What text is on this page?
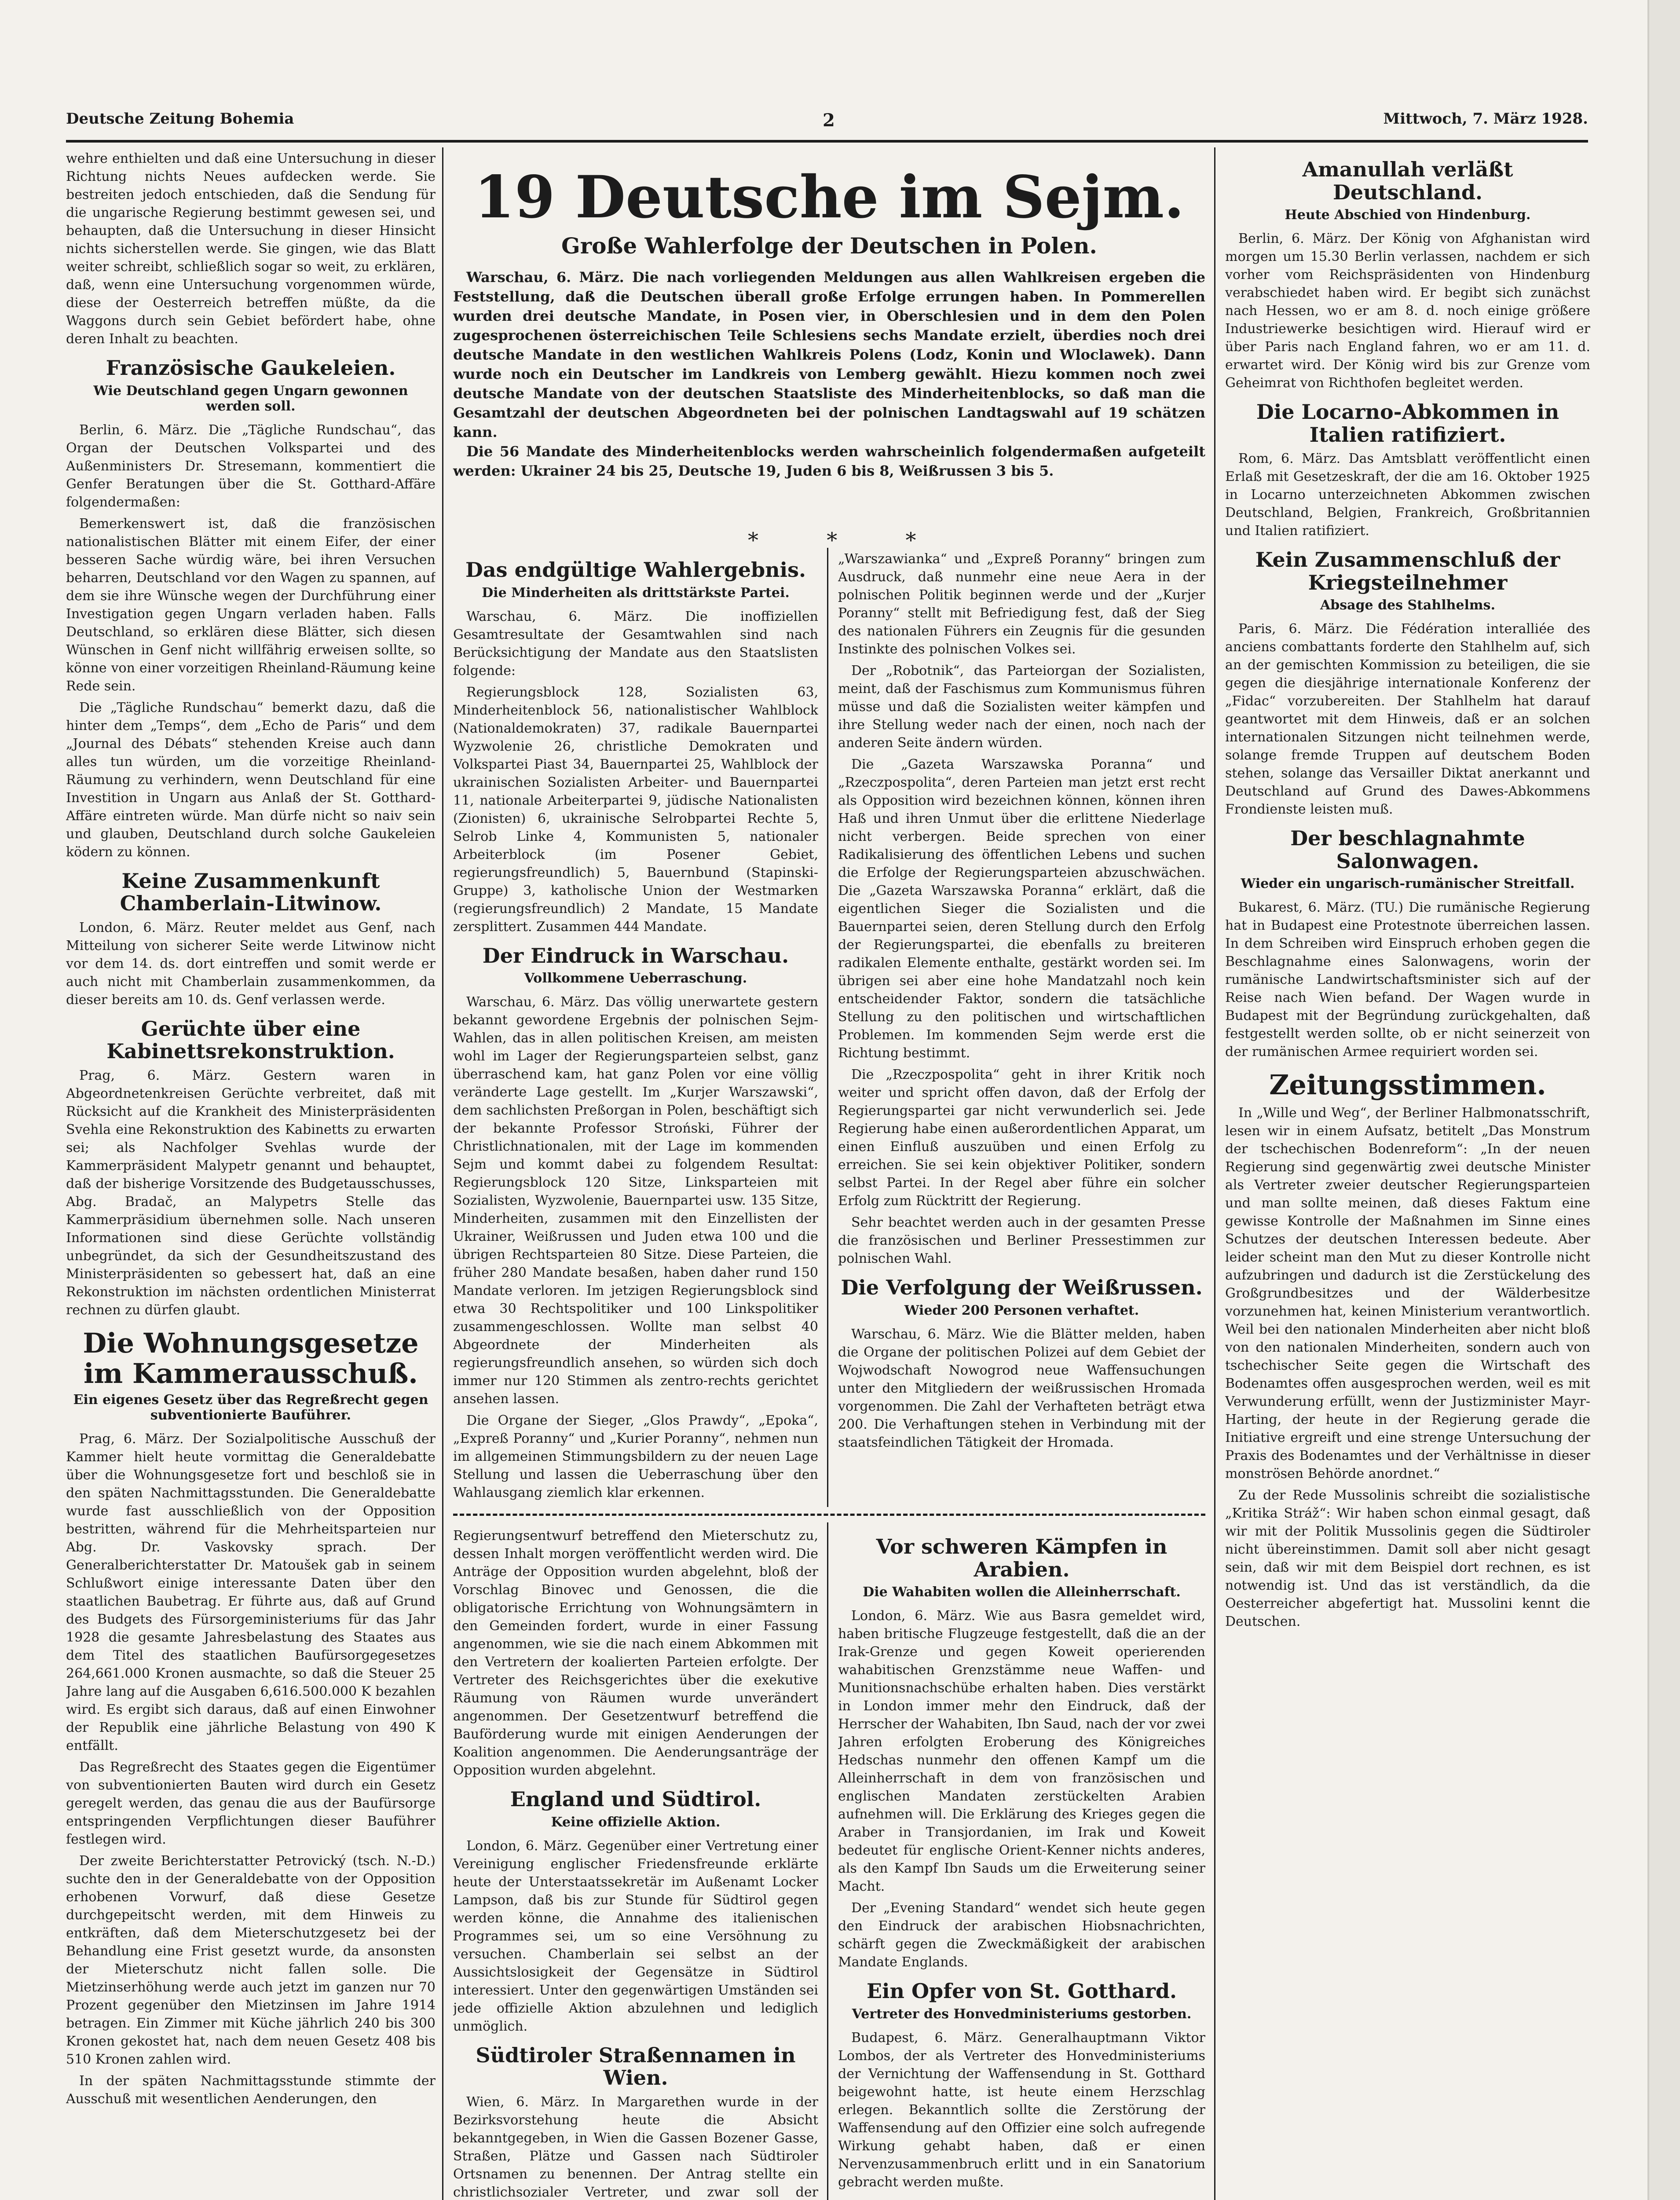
Deutsche Zeitung Bohemia	2	Mittwoch, 7. März 1928.

wehre enthielten und daß eine Untersuchung in dieser Richtung nichts Neues aufdecken werde. Sie bestreiten jedoch entschieden, daß die Sendung für die ungarische Regierung bestimmt gewesen sei, und behaupten, daß die Untersuchung in dieser Hinsicht nichts sicherstellen werde. Sie gingen, wie das Blatt weiter schreibt, schließlich sogar so weit, zu erklären, daß, wenn eine Untersuchung vorgenommen würde, diese der Oesterreich betreffen müßte, da die Waggons durch sein Gebiet befördert habe, ohne deren Inhalt zu beachten.

Französische Gaukeleien.
Wie Deutschland gegen Ungarn gewonnen werden soll.

Berlin, 6. März. Die „Tägliche Rundschau“, das Organ der Deutschen Volkspartei und des Außenministers Dr. Stresemann, kommentiert die Genfer Beratungen über die St. Gotthard-Affäre folgendermaßen:

Bemerkenswert ist, daß die französischen nationalistischen Blätter mit einem Eifer, der einer besseren Sache würdig wäre, bei ihren Versuchen beharren, Deutschland vor den Wagen zu spannen, auf dem sie ihre Wünsche wegen der Durchführung einer Investigation gegen Ungarn verladen haben. Falls Deutschland, so erklären diese Blätter, sich diesen Wünschen in Genf nicht willfährig erweisen sollte, so könne von einer vorzeitigen Rheinland-Räumung keine Rede sein.

Die „Tägliche Rundschau“ bemerkt dazu, daß die hinter dem „Temps“, dem „Echo de Paris“ und dem „Journal des Débats“ stehenden Kreise auch dann alles tun würden, um die vorzeitige Rheinland-Räumung zu verhindern, wenn Deutschland für eine Investition in Ungarn aus Anlaß der St. Gotthard-Affäre eintreten würde. Man dürfe nicht so naiv sein und glauben, Deutschland durch solche Gaukeleien ködern zu können.

Keine Zusammenkunft Chamberlain-Litwinow.

London, 6. März. Reuter meldet aus Genf, nach Mitteilung von sicherer Seite werde Litwinow nicht vor dem 14. ds. dort eintreffen und somit werde er auch nicht mit Chamberlain zusammenkommen, da dieser bereits am 10. ds. Genf verlassen werde.

Gerüchte über eine Kabinettsrekonstruktion.

Prag, 6. März. Gestern waren in Abgeordnetenkreisen Gerüchte verbreitet, daß mit Rücksicht auf die Krankheit des Ministerpräsidenten Svehla eine Rekonstruktion des Kabinetts zu erwarten sei; als Nachfolger Svehlas wurde der Kammerpräsident Malypetr genannt und behauptet, daß der bisherige Vorsitzende des Budgetausschusses, Abg. Bradač, an Malypetrs Stelle das Kammerpräsidium übernehmen solle. Nach unseren Informationen sind diese Gerüchte vollständig unbegründet, da sich der Gesundheitszustand des Ministerpräsidenten so gebessert hat, daß an eine Rekonstruktion im nächsten ordentlichen Ministerrat rechnen zu dürfen glaubt.

Die Wohnungsgesetze im Kammerausschuß.
Ein eigenes Gesetz über das Regreßrecht gegen subventionierte Bauführer.

Prag, 6. März. Der Sozialpolitische Ausschuß der Kammer hielt heute vormittag die Generaldebatte über die Wohnungsgesetze fort und beschloß sie in den späten Nachmittagsstunden. Die Generaldebatte wurde fast ausschließlich von der Opposition bestritten, während für die Mehrheitsparteien nur Abg. Dr. Vaskovsky sprach. Der Generalberichterstatter Dr. Matoušek gab in seinem Schlußwort einige interessante Daten über den staatlichen Baubetrag. Er führte aus, daß auf Grund des Budgets des Fürsorgeministeriums für das Jahr 1928 die gesamte Jahresbelastung des Staates aus dem Titel des staatlichen Baufürsorgegesetzes 264,661.000 Kronen ausmachte, so daß die Steuer 25 Jahre lang auf die Ausgaben 6,616.500.000 K bezahlen wird. Es ergibt sich daraus, daß auf einen Einwohner der Republik eine jährliche Belastung von 490 K entfällt.

Das Regreßrecht des Staates gegen die Eigentümer von subventionierten Bauten wird durch ein Gesetz geregelt werden, das genau die aus der Baufürsorge entspringenden Verpflichtungen dieser Bauführer festlegen wird.

Der zweite Berichterstatter Petrovický (tsch. N.-D.) suchte den in der Generaldebatte von der Opposition erhobenen Vorwurf, daß diese Gesetze durchgepeitscht werden, mit dem Hinweis zu entkräften, daß dem Mieterschutzgesetz bei der Behandlung eine Frist gesetzt wurde, da ansonsten der Mieterschutz nicht fallen solle. Die Mietzinserhöhung werde auch jetzt im ganzen nur 70 Prozent gegenüber den Mietzinsen im Jahre 1914 betragen. Ein Zimmer mit Küche jährlich 240 bis 300 Kronen gekostet hat, nach dem neuen Gesetz 408 bis 510 Kronen zahlen wird.

In der späten Nachmittagsstunde stimmte der Ausschuß mit wesentlichen Aenderungen, den

19 Deutsche im Sejm.
Große Wahlerfolge der Deutschen in Polen.

Warschau, 6. März. Die nach vorliegenden Meldungen aus allen Wahlkreisen ergeben die Feststellung, daß die Deutschen überall große Erfolge errungen haben. In Pommerellen wurden drei deutsche Mandate, in Posen vier, in Oberschlesien und in dem den Polen zugesprochenen österreichischen Teile Schlesiens sechs Mandate erzielt, überdies noch drei deutsche Mandate in den westlichen Wahlkreis Polens (Lodz, Konin und Wloclawek). Dann wurde noch ein Deutscher im Landkreis von Lemberg gewählt. Hiezu kommen noch zwei deutsche Mandate von der deutschen Staatsliste des Minderheitenblocks, so daß man die Gesamtzahl der deutschen Abgeordneten bei der polnischen Landtagswahl auf 19 schätzen kann.

Die 56 Mandate des Minderheitenblocks werden wahrscheinlich folgendermaßen aufgeteilt werden: Ukrainer 24 bis 25, Deutsche 19, Juden 6 bis 8, Weißrussen 3 bis 5.

* * *
Das endgültige Wahlergebnis.
Die Minderheiten als drittstärkste Partei.

Warschau, 6. März. Die inoffiziellen Gesamtresultate der Gesamtwahlen sind nach Berücksichtigung der Mandate aus den Staatslisten folgende:

Regierungsblock 128, Sozialisten 63, Minderheitenblock 56, nationalistischer Wahlblock (Nationaldemokraten) 37, radikale Bauernpartei Wyzwolenie 26, christliche Demokraten und Volkspartei Piast 34, Bauernpartei 25, Wahlblock der ukrainischen Sozialisten Arbeiter- und Bauernpartei 11, nationale Arbeiterpartei 9, jüdische Nationalisten (Zionisten) 6, ukrainische Selrobpartei Rechte 5, Selrob Linke 4, Kommunisten 5, nationaler Arbeiterblock (im Posener Gebiet, regierungsfreundlich) 5, Bauernbund (Stapinski-Gruppe) 3, katholische Union der Westmarken (regierungsfreundlich) 2 Mandate, 15 Mandate zersplittert. Zusammen 444 Mandate.

Der Eindruck in Warschau.
Vollkommene Ueberraschung.

Warschau, 6. März. Das völlig unerwartete gestern bekannt gewordene Ergebnis der polnischen Sejm-Wahlen, das in allen politischen Kreisen, am meisten wohl im Lager der Regierungsparteien selbst, ganz überraschend kam, hat ganz Polen vor eine völlig veränderte Lage gestellt. Im „Kurjer Warszawski“, dem sachlichsten Preßorgan in Polen, beschäftigt sich der bekannte Professor Stroński, Führer der Christlichnationalen, mit der Lage im kommenden Sejm und kommt dabei zu folgendem Resultat: Regierungsblock 120 Sitze, Linksparteien mit Sozialisten, Wyzwolenie, Bauernpartei usw. 135 Sitze, Minderheiten, zusammen mit den Einzellisten der Ukrainer, Weißrussen und Juden etwa 100 und die übrigen Rechtsparteien 80 Sitze. Diese Parteien, die früher 280 Mandate besaßen, haben daher rund 150 Mandate verloren. Im jetzigen Regierungsblock sind etwa 30 Rechtspolitiker und 100 Linkspolitiker zusammengeschlossen. Wollte man selbst 40 Abgeordnete der Minderheiten als regierungsfreundlich ansehen, so würden sich doch immer nur 120 Stimmen als zentro-rechts gerichtet ansehen lassen.

Die Organe der Sieger, „Glos Prawdy“, „Epoka“, „Expreß Poranny“ und „Kurier Poranny“, nehmen nun im allgemeinen Stimmungsbildern zu der neuen Lage Stellung und lassen die Ueberraschung über den Wahlausgang ziemlich klar erkennen.

„Warszawianka“ und „Expreß Poranny“ bringen zum Ausdruck, daß nunmehr eine neue Aera in der polnischen Politik beginnen werde und der „Kurjer Poranny“ stellt mit Befriedigung fest, daß der Sieg des nationalen Führers ein Zeugnis für die gesunden Instinkte des polnischen Volkes sei.

Der „Robotnik“, das Parteiorgan der Sozialisten, meint, daß der Faschismus zum Kommunismus führen müsse und daß die Sozialisten weiter kämpfen und ihre Stellung weder nach der einen, noch nach der anderen Seite ändern würden.

Die „Gazeta Warszawska Poranna“ und „Rzeczpospolita“, deren Parteien man jetzt erst recht als Opposition wird bezeichnen können, können ihren Haß und ihren Unmut über die erlittene Niederlage nicht verbergen. Beide sprechen von einer Radikalisierung des öffentlichen Lebens und suchen die Erfolge der Regierungsparteien abzuschwächen. Die „Gazeta Warszawska Poranna“ erklärt, daß die eigentlichen Sieger die Sozialisten und die Bauernpartei seien, deren Stellung durch den Erfolg der Regierungspartei, die ebenfalls zu breiteren radikalen Elemente enthalte, gestärkt worden sei. Im übrigen sei aber eine hohe Mandatzahl noch kein entscheidender Faktor, sondern die tatsächliche Stellung zu den politischen und wirtschaftlichen Problemen. Im kommenden Sejm werde erst die Richtung bestimmt.

Die „Rzeczpospolita“ geht in ihrer Kritik noch weiter und spricht offen davon, daß der Erfolg der Regierungspartei gar nicht verwunderlich sei. Jede Regierung habe einen außerordentlichen Apparat, um einen Einfluß auszuüben und einen Erfolg zu erreichen. Sie sei kein objektiver Politiker, sondern selbst Partei. In der Regel aber führe ein solcher Erfolg zum Rücktritt der Regierung.

Sehr beachtet werden auch in der gesamten Presse die französischen und Berliner Pressestimmen zur polnischen Wahl.

Die Verfolgung der Weißrussen.
Wieder 200 Personen verhaftet.

Warschau, 6. März. Wie die Blätter melden, haben die Organe der politischen Polizei auf dem Gebiet der Wojwodschaft Nowogrod neue Waffensuchungen unter den Mitgliedern der weißrussischen Hromada vorgenommen. Die Zahl der Verhafteten beträgt etwa 200. Die Verhaftungen stehen in Verbindung mit der staatsfeindlichen Tätigkeit der Hromada.

Regierungsentwurf betreffend den Mieterschutz zu, dessen Inhalt morgen veröffentlicht werden wird. Die Anträge der Opposition wurden abgelehnt, bloß der Vorschlag Binovec und Genossen, die die obligatorische Errichtung von Wohnungsämtern in den Gemeinden fordert, wurde in einer Fassung angenommen, wie sie die nach einem Abkommen mit den Vertretern der koalierten Parteien erfolgte. Der Vertreter des Reichsgerichtes über die exekutive Räumung von Räumen wurde unverändert angenommen. Der Gesetzentwurf betreffend die Bauförderung wurde mit einigen Aenderungen der Koalition angenommen. Die Aenderungsanträge der Opposition wurden abgelehnt.

England und Südtirol.
Keine offizielle Aktion.

London, 6. März. Gegenüber einer Vertretung einer Vereinigung englischer Friedensfreunde erklärte heute der Unterstaatssekretär im Außenamt Locker Lampson, daß bis zur Stunde für Südtirol gegen werden könne, die Annahme des italienischen Programmes sei, um so eine Versöhnung zu versuchen. Chamberlain sei selbst an der Aussichtslosigkeit der Gegensätze in Südtirol interessiert. Unter den gegenwärtigen Umständen sei jede offizielle Aktion abzulehnen und lediglich unmöglich.

Südtiroler Straßennamen in Wien.

Wien, 6. März. In Margarethen wurde in der Bezirksvorstehung heute die Absicht bekanntgegeben, in Wien die Gassen Bozener Gasse, Straßen, Plätze und Gassen nach Südtiroler Ortsnamen zu benennen. Der Antrag stellte ein christlichsozialer Vertreter, und zwar soll der

Vor schweren Kämpfen in Arabien.
Die Wahabiten wollen die Alleinherrschaft.

London, 6. März. Wie aus Basra gemeldet wird, haben britische Flugzeuge festgestellt, daß die an der Irak-Grenze und gegen Koweit operierenden wahabitischen Grenzstämme neue Waffen- und Munitionsnachschübe erhalten haben. Dies verstärkt in London immer mehr den Eindruck, daß der Herrscher der Wahabiten, Ibn Saud, nach der vor zwei Jahren erfolgten Eroberung des Königreiches Hedschas nunmehr den offenen Kampf um die Alleinherrschaft in dem von französischen und englischen Mandaten zerstückelten Arabien aufnehmen will. Die Erklärung des Krieges gegen die Araber in Transjordanien, im Irak und Koweit bedeutet für englische Orient-Kenner nichts anderes, als den Kampf Ibn Sauds um die Erweiterung seiner Macht.

Der „Evening Standard“ wendet sich heute gegen den Eindruck der arabischen Hiobsnachrichten, schärft gegen die Zweckmäßigkeit der arabischen Mandate Englands.

Ein Opfer von St. Gotthard.
Vertreter des Honvedministeriums gestorben.

Budapest, 6. März. Generalhauptmann Viktor Lombos, der als Vertreter des Honvedministeriums der Vernichtung der Waffensendung in St. Gotthard beigewohnt hatte, ist heute einem Herzschlag erlegen. Bekanntlich sollte die Zerstörung der Waffensendung auf den Offizier eine solch aufregende Wirkung gehabt haben, daß er einen Nervenzusammenbruch erlitt und in ein Sanatorium gebracht werden mußte.

Amanullah verläßt Deutschland.
Heute Abschied von Hindenburg.

Berlin, 6. März. Der König von Afghanistan wird morgen um 15.30 Berlin verlassen, nachdem er sich vorher vom Reichspräsidenten von Hindenburg verabschiedet haben wird. Er begibt sich zunächst nach Hessen, wo er am 8. d. noch einige größere Industriewerke besichtigen wird. Hierauf wird er über Paris nach England fahren, wo er am 11. d. erwartet wird. Der König wird bis zur Grenze vom Geheimrat von Richthofen begleitet werden.

Die Locarno-Abkommen in Italien ratifiziert.

Rom, 6. März. Das Amtsblatt veröffentlicht einen Erlaß mit Gesetzeskraft, der die am 16. Oktober 1925 in Locarno unterzeichneten Abkommen zwischen Deutschland, Belgien, Frankreich, Großbritannien und Italien ratifiziert.

Kein Zusammenschluß der Kriegsteilnehmer
Absage des Stahlhelms.

Paris, 6. März. Die Fédération interalliée des anciens combattants forderte den Stahlhelm auf, sich an der gemischten Kommission zu beteiligen, die sie gegen die diesjährige internationale Konferenz der „Fidac“ vorzubereiten. Der Stahlhelm hat darauf geantwortet mit dem Hinweis, daß er an solchen internationalen Sitzungen nicht teilnehmen werde, solange fremde Truppen auf deutschem Boden stehen, solange das Versailler Diktat anerkannt und Deutschland auf Grund des Dawes-Abkommens Frondienste leisten muß.

Der beschlagnahmte Salonwagen.
Wieder ein ungarisch-rumänischer Streitfall.

Bukarest, 6. März. (TU.) Die rumänische Regierung hat in Budapest eine Protestnote überreichen lassen. In dem Schreiben wird Einspruch erhoben gegen die Beschlagnahme eines Salonwagens, worin der rumänische Landwirtschaftsminister sich auf der Reise nach Wien befand. Der Wagen wurde in Budapest mit der Begründung zurückgehalten, daß festgestellt werden sollte, ob er nicht seinerzeit von der rumänischen Armee requiriert worden sei.

Zeitungsstimmen.

In „Wille und Weg“, der Berliner Halbmonatsschrift, lesen wir in einem Aufsatz, betitelt „Das Monstrum der tschechischen Bodenreform“: „In der neuen Regierung sind gegenwärtig zwei deutsche Minister als Vertreter zweier deutscher Regierungsparteien und man sollte meinen, daß dieses Faktum eine gewisse Kontrolle der Maßnahmen im Sinne eines Schutzes der deutschen Interessen bedeute. Aber leider scheint man den Mut zu dieser Kontrolle nicht aufzubringen und dadurch ist die Zerstückelung des Großgrundbesitzes und der Wälderbesitze vorzunehmen hat, keinen Ministerium verantwortlich. Weil bei den nationalen Minderheiten aber nicht bloß von den nationalen Minderheiten, sondern auch von tschechischer Seite gegen die Wirtschaft des Bodenamtes offen ausgesprochen werden, weil es mit Verwunderung erfüllt, wenn der Justizminister Mayr-Harting, der heute in der Regierung gerade die Initiative ergreift und eine strenge Untersuchung der Praxis des Bodenamtes und der Verhältnisse in dieser monströsen Behörde anordnet.“

Zu der Rede Mussolinis schreibt die sozialistische „Kritika Stráž“: Wir haben schon einmal gesagt, daß wir mit der Politik Mussolinis gegen die Südtiroler nicht übereinstimmen. Damit soll aber nicht gesagt sein, daß wir mit dem Beispiel dort rechnen, es ist notwendig ist. Und das ist verständlich, da die Oesterreicher abgefertigt hat. Mussolini kennt die Deutschen.
